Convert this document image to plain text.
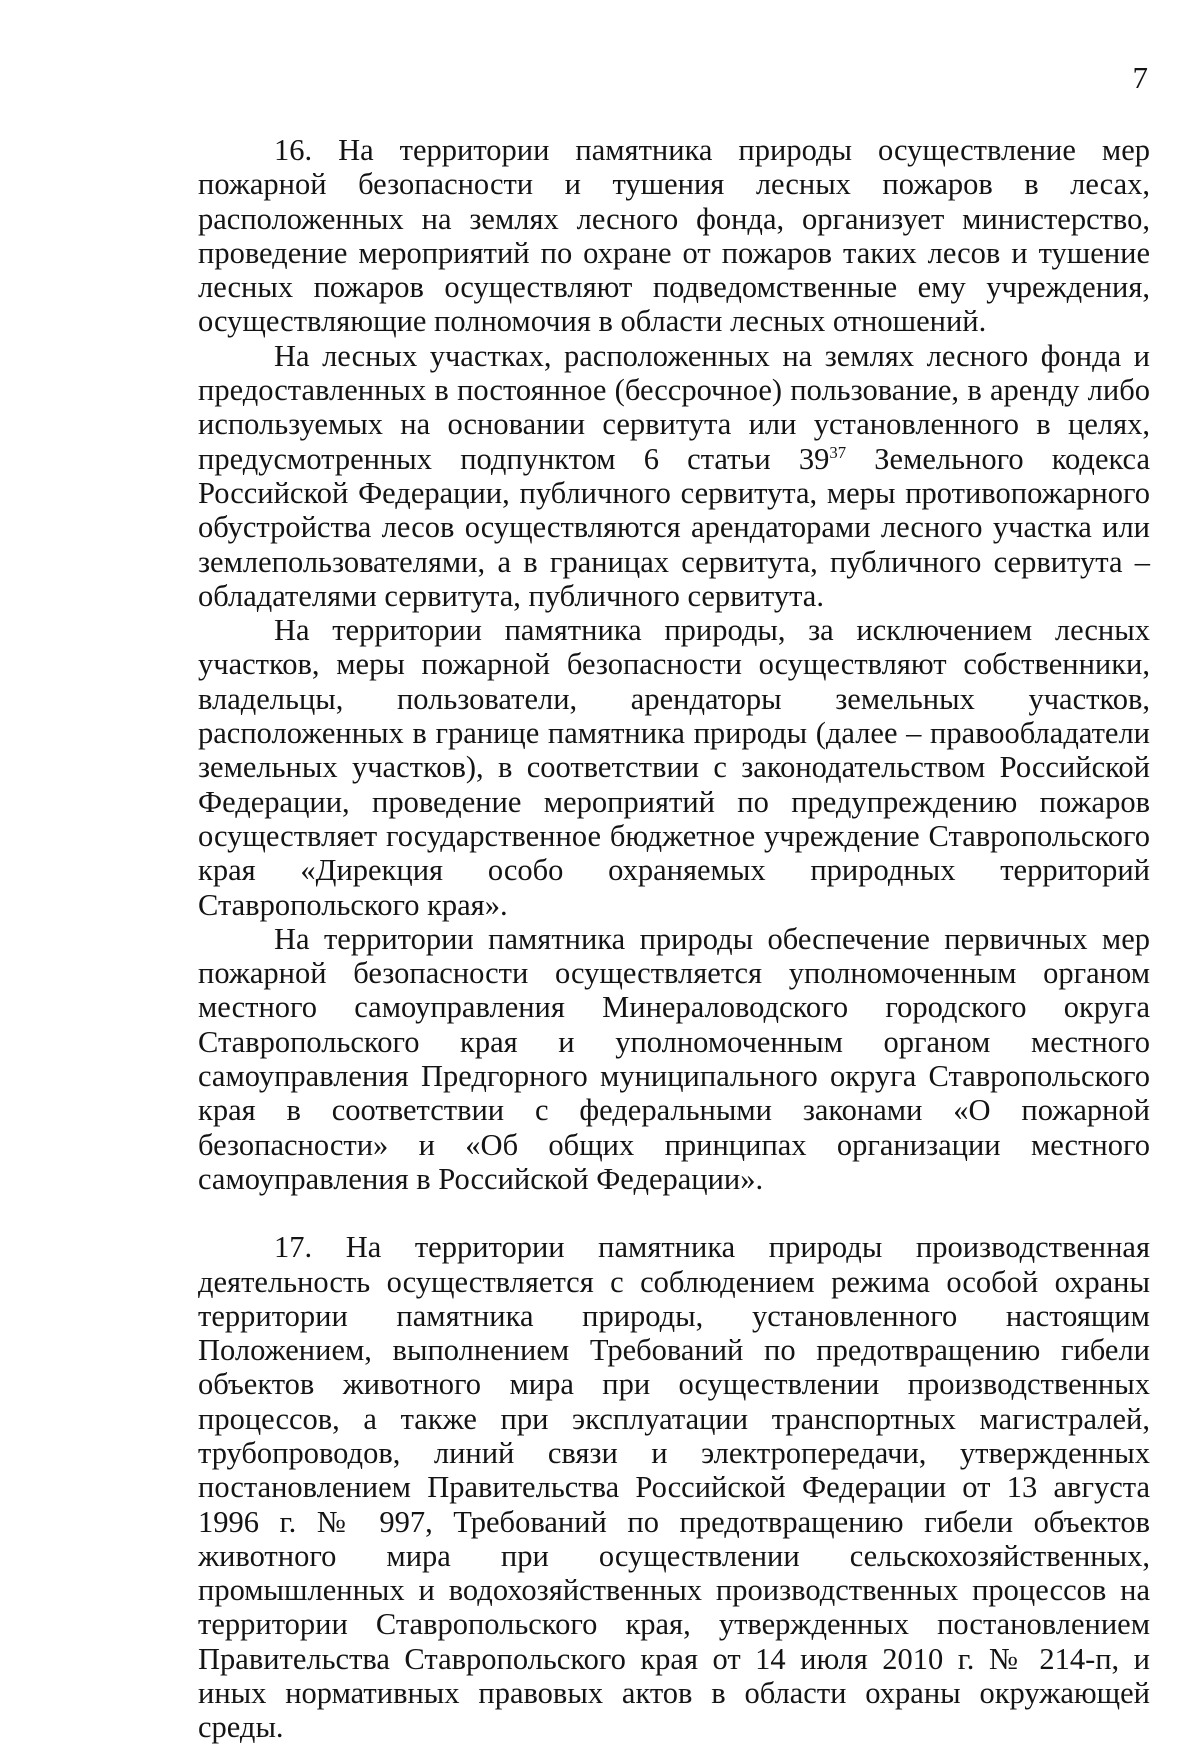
7

16. На территории памятника природы осуществление мер пожарной безопасности и тушения лесных пожаров в лесах, расположенных на землях лесного фонда, организует министерство, проведение мероприятий по охране от пожаров таких лесов и тушение лесных пожаров осуществляют подведомственные ему учреждения, осуществляющие полномочия в области лесных отношений.

На лесных участках, расположенных на землях лесного фонда и предоставленных в постоянное (бессрочное) пользование, в аренду либо используемых на основании сервитута или установленного в целях, предусмотренных подпунктом 6 статьи $39^{37}$ Земельного кодекса Российской Федерации, публичного сервитута, меры противопожарного обустройства лесов осуществляются арендаторами лесного участка или землепользователями, а в границах сервитута, публичного сервитута – обладателями сервитута, публичного сервитута.

На территории памятника природы, за исключением лесных участков, меры пожарной безопасности осуществляют собственники, владельцы, пользователи, арендаторы земельных участков, расположенных в границе памятника природы (далее – правообладатели земельных участков), в соответствии с законодательством Российской Федерации, проведение мероприятий по предупреждению пожаров осуществляет государственное бюджетное учреждение Ставропольского края «Дирекция особо охраняемых природных территорий Ставропольского края».

На территории памятника природы обеспечение первичных мер пожарной безопасности осуществляется уполномоченным органом местного самоуправления Минераловодского городского округа Ставропольского края и уполномоченным органом местного самоуправления Предгорного муниципального округа Ставропольского края в соответствии с федеральными законами «О пожарной безопасности» и «Об общих принципах организации местного самоуправления в Российской Федерации».

17. На территории памятника природы производственная деятельность осуществляется с соблюдением режима особой охраны территории памятника природы, установленного настоящим Положением, выполнением Требований по предотвращению гибели объектов животного мира при осуществлении производственных процессов, а также при эксплуатации транспортных магистралей, трубопроводов, линий связи и электропередачи, утвержденных постановлением Правительства Российской Федерации от 13 августа 1996 г. № 997, Требований по предотвращению гибели объектов животного мира при осуществлении сельскохозяйственных, промышленных и водохозяйственных производственных процессов на территории Ставропольского края, утвержденных постановлением Правительства Ставропольского края от 14 июля 2010 г. № 214-п, и иных нормативных правовых актов в области охраны окружающей среды.
